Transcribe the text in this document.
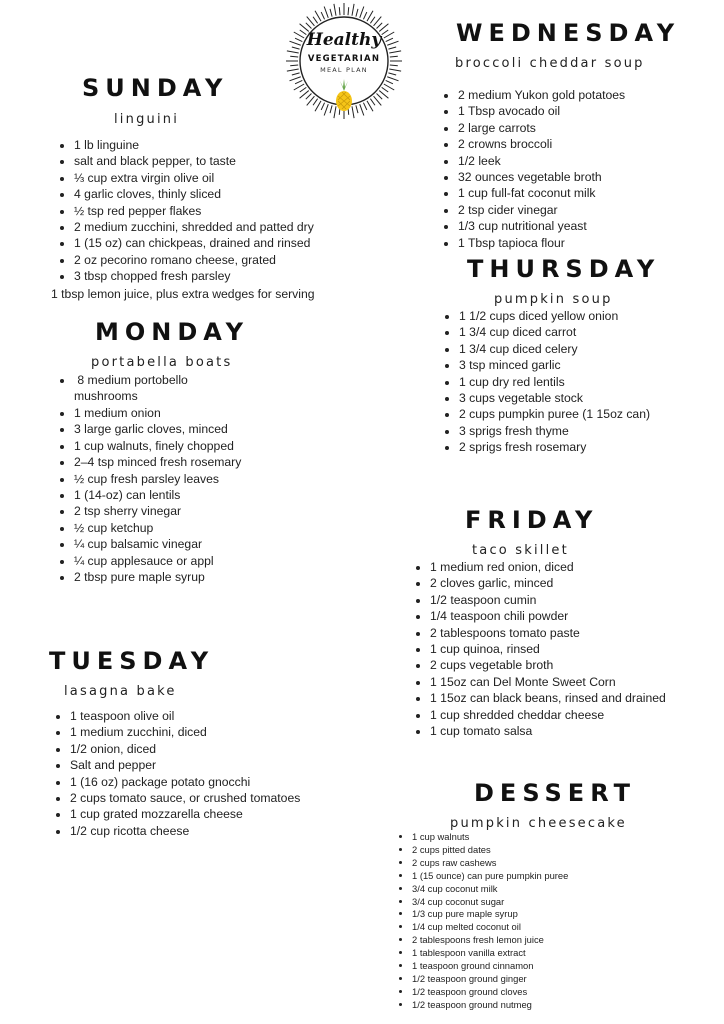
Healthy

VEGETARIAN

MEAL PLAN

SUNDAY

linguini

• 1 lb linguine
• salt and black pepper, to taste
• ⅓ cup extra virgin olive oil
• 4 garlic cloves, thinly sliced
• ½ tsp red pepper flakes
• 2 medium zucchini, shredded and patted dry
• 1 (15 oz) can chickpeas, drained and rinsed
• 2 oz pecorino romano cheese, grated
• 3 tbsp chopped fresh parsley

1 tbsp lemon juice, plus extra wedges for serving

MONDAY

portabella boats

•  8 medium portobello
mushrooms
• 1 medium onion
• 3 large garlic cloves, minced
• 1 cup walnuts, finely chopped
• 2–4 tsp minced fresh rosemary
• ½ cup fresh parsley leaves
• 1 (14-oz) can lentils
• 2 tsp sherry vinegar
• ½ cup ketchup
• ¼ cup balsamic vinegar
• ¼ cup applesauce or appl
• 2 tbsp pure maple syrup
TUESDAY

lasagna bake

• 1 teaspoon olive oil
• 1 medium zucchini, diced
• 1/2 onion, diced
• Salt and pepper
• 1 (16 oz) package potato gnocchi
• 2 cups tomato sauce, or crushed tomatoes
• 1 cup grated mozzarella cheese
• 1/2 cup ricotta cheese
WEDNESDAY

broccoli cheddar soup

• 2 medium Yukon gold potatoes
• 1 Tbsp avocado oil
• 2 large carrots
• 2 crowns broccoli
• 1/2 leek
• 32 ounces vegetable broth
• 1 cup full-fat coconut milk
• 2 tsp cider vinegar
• 1/3 cup nutritional yeast
• 1 Tbsp tapioca flour
THURSDAY

pumpkin soup

• 1 1/2 cups diced yellow onion
• 1 3/4 cup diced carrot
• 1 3/4 cup diced celery
• 3 tsp minced garlic
• 1 cup dry red lentils
• 3 cups vegetable stock
• 2 cups pumpkin puree (1 15oz can)
• 3 sprigs fresh thyme
• 2 sprigs fresh rosemary
FRIDAY

taco skillet

• 1 medium red onion, diced
• 2 cloves garlic, minced
• 1/2 teaspoon cumin
• 1/4 teaspoon chili powder
• 2 tablespoons tomato paste
• 1 cup quinoa, rinsed
• 2 cups vegetable broth
• 1 15oz can Del Monte Sweet Corn
• 1 15oz can black beans, rinsed and drained
• 1 cup shredded cheddar cheese
• 1 cup tomato salsa
DESSERT

pumpkin cheesecake

• 1 cup walnuts
• 2 cups pitted dates
• 2 cups raw cashews
• 1 (15 ounce) can pure pumpkin puree
• 3/4 cup coconut milk
• 3/4 cup coconut sugar
• 1/3 cup pure maple syrup
• 1/4 cup melted coconut oil
• 2 tablespoons fresh lemon juice
• 1 tablespoon vanilla extract
• 1 teaspoon ground cinnamon
• 1/2 teaspoon ground ginger
• 1/2 teaspoon ground cloves
• 1/2 teaspoon ground nutmeg
